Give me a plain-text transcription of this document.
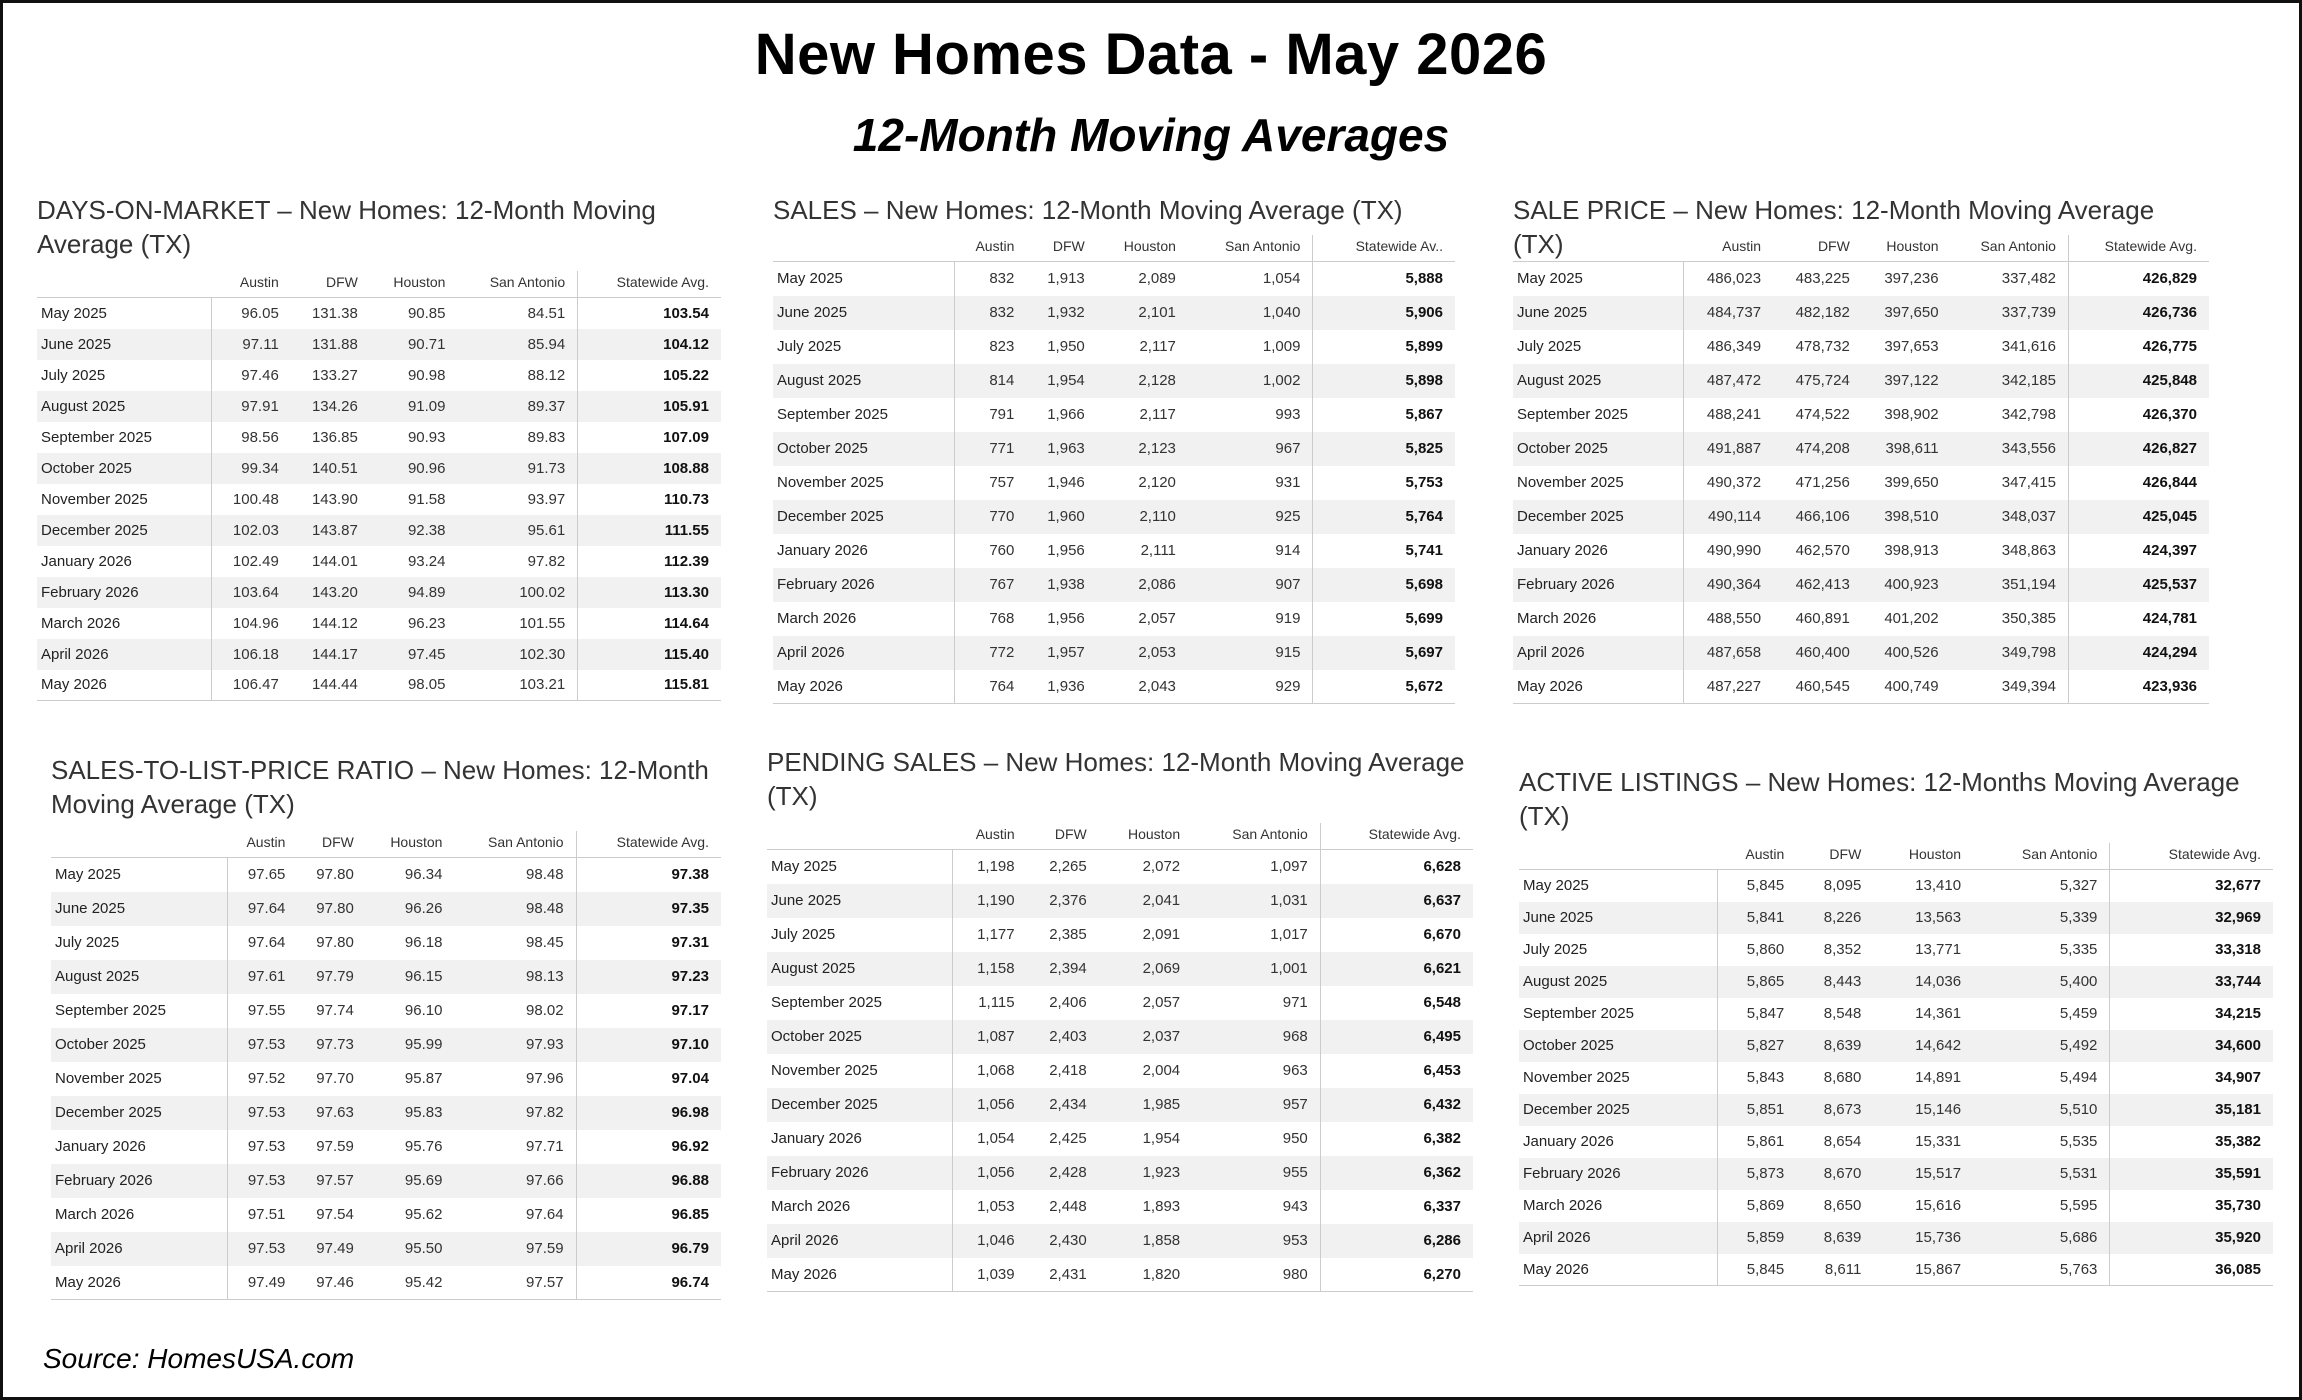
New Homes Data - May 2026
12-Month Moving Averages
DAYS-ON-MARKET – New Homes: 12-Month Moving Average (TX)
	Austin	DFW	Houston	San Antonio	Statewide Avg.
May 2025	96.05	131.38	90.85	84.51	103.54
June 2025	97.11	131.88	90.71	85.94	104.12
July 2025	97.46	133.27	90.98	88.12	105.22
August 2025	97.91	134.26	91.09	89.37	105.91
September 2025	98.56	136.85	90.93	89.83	107.09
October 2025	99.34	140.51	90.96	91.73	108.88
November 2025	100.48	143.90	91.58	93.97	110.73
December 2025	102.03	143.87	92.38	95.61	111.55
January 2026	102.49	144.01	93.24	97.82	112.39
February 2026	103.64	143.20	94.89	100.02	113.30
March 2026	104.96	144.12	96.23	101.55	114.64
April 2026	106.18	144.17	97.45	102.30	115.40
May 2026	106.47	144.44	98.05	103.21	115.81
SALES – New Homes: 12-Month Moving Average (TX)
	Austin	DFW	Houston	San Antonio	Statewide Av..
May 2025	832	1,913	2,089	1,054	5,888
June 2025	832	1,932	2,101	1,040	5,906
July 2025	823	1,950	2,117	1,009	5,899
August 2025	814	1,954	2,128	1,002	5,898
September 2025	791	1,966	2,117	993	5,867
October 2025	771	1,963	2,123	967	5,825
November 2025	757	1,946	2,120	931	5,753
December 2025	770	1,960	2,110	925	5,764
January 2026	760	1,956	2,111	914	5,741
February 2026	767	1,938	2,086	907	5,698
March 2026	768	1,956	2,057	919	5,699
April 2026	772	1,957	2,053	915	5,697
May 2026	764	1,936	2,043	929	5,672
SALE PRICE – New Homes: 12-Month Moving Average (TX)
		Austin	DFW	Houston	San Antonio	Statewide Avg.
May 2025	486,023	483,225	397,236	337,482	426,829
June 2025	484,737	482,182	397,650	337,739	426,736
July 2025	486,349	478,732	397,653	341,616	426,775
August 2025	487,472	475,724	397,122	342,185	425,848
September 2025	488,241	474,522	398,902	342,798	426,370
October 2025	491,887	474,208	398,611	343,556	426,827
November 2025	490,372	471,256	399,650	347,415	426,844
December 2025	490,114	466,106	398,510	348,037	425,045
January 2026	490,990	462,570	398,913	348,863	424,397
February 2026	490,364	462,413	400,923	351,194	425,537
March 2026	488,550	460,891	401,202	350,385	424,781
April 2026	487,658	460,400	400,526	349,798	424,294
May 2026	487,227	460,545	400,749	349,394	423,936
SALES-TO-LIST-PRICE RATIO – New Homes: 12-Month Moving Average (TX)
	Austin	DFW	Houston	San Antonio	Statewide Avg.
May 2025	97.65	97.80	96.34	98.48	97.38
June 2025	97.64	97.80	96.26	98.48	97.35
July 2025	97.64	97.80	96.18	98.45	97.31
August 2025	97.61	97.79	96.15	98.13	97.23
September 2025	97.55	97.74	96.10	98.02	97.17
October 2025	97.53	97.73	95.99	97.93	97.10
November 2025	97.52	97.70	95.87	97.96	97.04
December 2025	97.53	97.63	95.83	97.82	96.98
January 2026	97.53	97.59	95.76	97.71	96.92
February 2026	97.53	97.57	95.69	97.66	96.88
March 2026	97.51	97.54	95.62	97.64	96.85
April 2026	97.53	97.49	95.50	97.59	96.79
May 2026	97.49	97.46	95.42	97.57	96.74
PENDING SALES – New Homes: 12-Month Moving Average (TX)
	Austin	DFW	Houston	San Antonio	Statewide Avg.
May 2025	1,198	2,265	2,072	1,097	6,628
June 2025	1,190	2,376	2,041	1,031	6,637
July 2025	1,177	2,385	2,091	1,017	6,670
August 2025	1,158	2,394	2,069	1,001	6,621
September 2025	1,115	2,406	2,057	971	6,548
October 2025	1,087	2,403	2,037	968	6,495
November 2025	1,068	2,418	2,004	963	6,453
December 2025	1,056	2,434	1,985	957	6,432
January 2026	1,054	2,425	1,954	950	6,382
February 2026	1,056	2,428	1,923	955	6,362
March 2026	1,053	2,448	1,893	943	6,337
April 2026	1,046	2,430	1,858	953	6,286
May 2026	1,039	2,431	1,820	980	6,270
ACTIVE LISTINGS – New Homes: 12-Months Moving Average (TX)
	Austin	DFW	Houston	San Antonio	Statewide Avg.
May 2025	5,845	8,095	13,410	5,327	32,677
June 2025	5,841	8,226	13,563	5,339	32,969
July 2025	5,860	8,352	13,771	5,335	33,318
August 2025	5,865	8,443	14,036	5,400	33,744
September 2025	5,847	8,548	14,361	5,459	34,215
October 2025	5,827	8,639	14,642	5,492	34,600
November 2025	5,843	8,680	14,891	5,494	34,907
December 2025	5,851	8,673	15,146	5,510	35,181
January 2026	5,861	8,654	15,331	5,535	35,382
February 2026	5,873	8,670	15,517	5,531	35,591
March 2026	5,869	8,650	15,616	5,595	35,730
April 2026	5,859	8,639	15,736	5,686	35,920
May 2026	5,845	8,611	15,867	5,763	36,085
Source: HomesUSA.com
